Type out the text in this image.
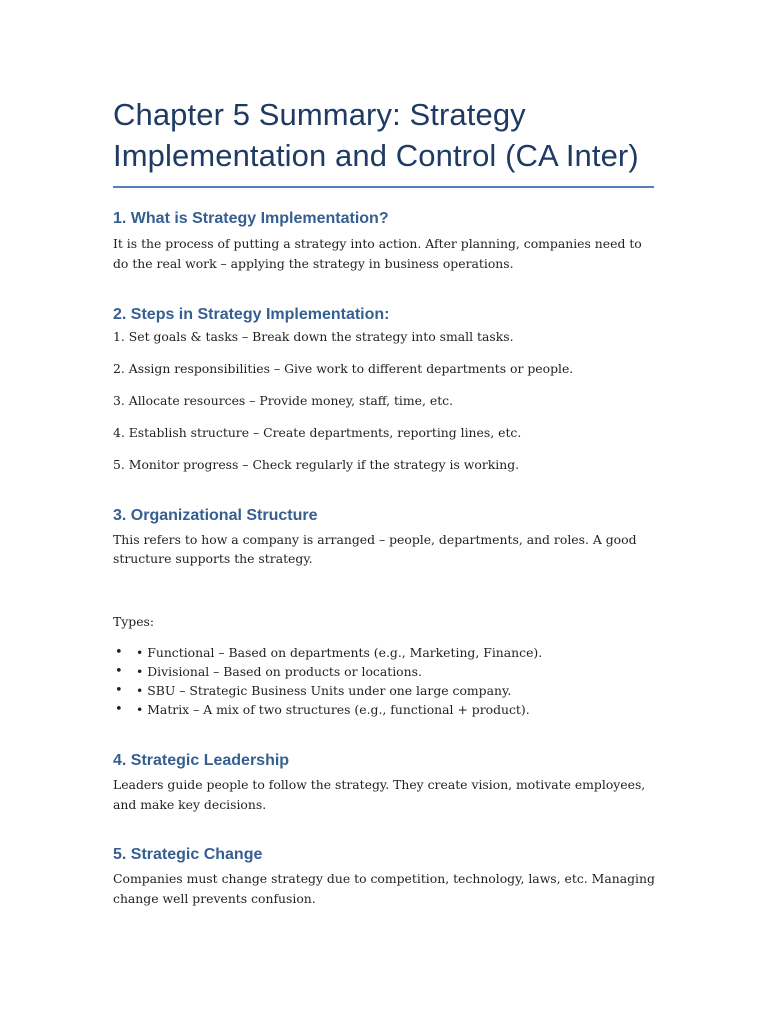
Chapter 5 Summary: Strategy Implementation and Control (CA Inter)
1. What is Strategy Implementation?

It is the process of putting a strategy into action. After planning, companies need to do the real work – applying the strategy in business operations.

2. Steps in Strategy Implementation:

1. Set goals & tasks – Break down the strategy into small tasks.

2. Assign responsibilities – Give work to different departments or people.

3. Allocate resources – Provide money, staff, time, etc.

4. Establish structure – Create departments, reporting lines, etc.

5. Monitor progress – Check regularly if the strategy is working.

3. Organizational Structure

This refers to how a company is arranged – people, departments, and roles. A good structure supports the strategy.

Types:

• • Functional – Based on departments (e.g., Marketing, Finance).
• • Divisional – Based on products or locations.
• • SBU – Strategic Business Units under one large company.
• • Matrix – A mix of two structures (e.g., functional + product).
4. Strategic Leadership

Leaders guide people to follow the strategy. They create vision, motivate employees, and make key decisions.

5. Strategic Change

Companies must change strategy due to competition, technology, laws, etc. Managing change well prevents confusion.
